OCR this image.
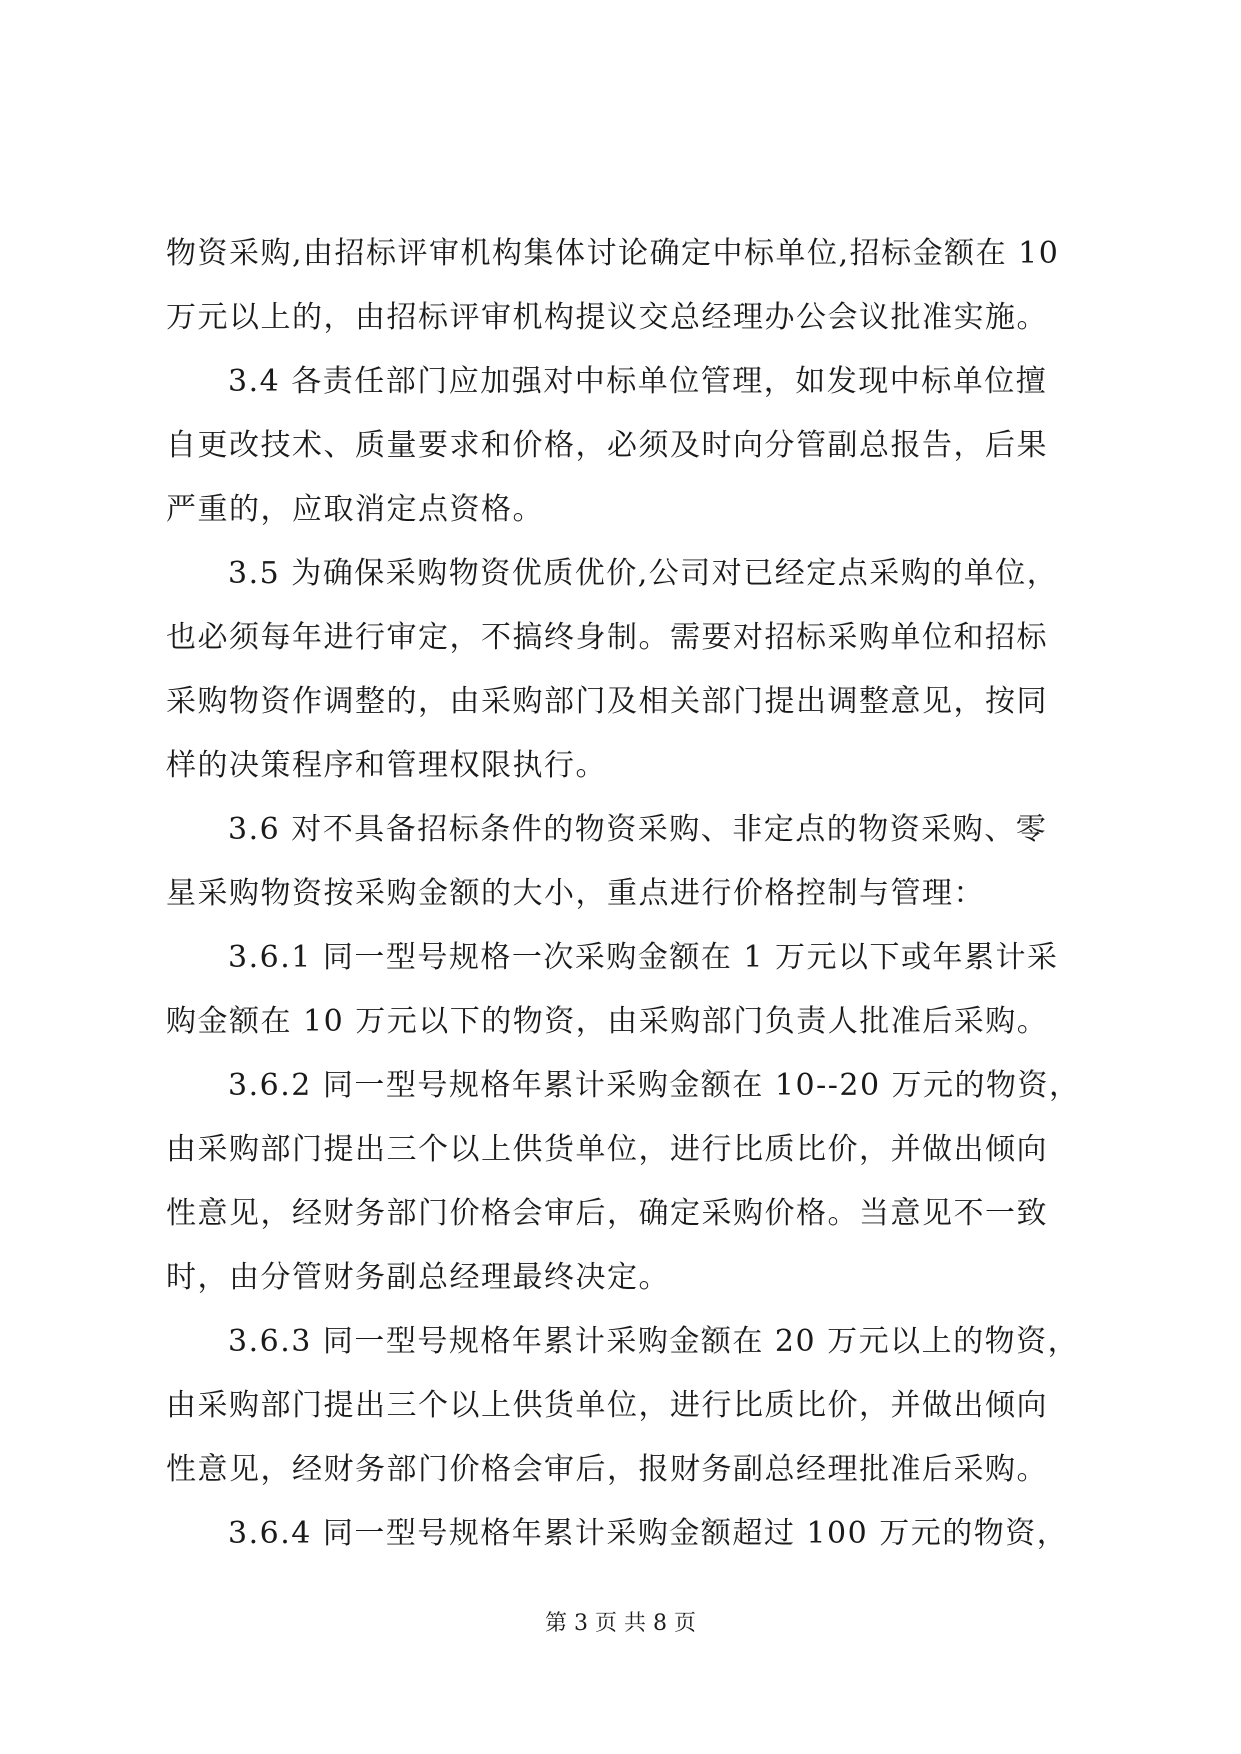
物资采购,由招标评审机构集体讨论确定中标单位,招标金额在 10
万元以上的，由招标评审机构提议交总经理办公会议批准实施。
3.4 各责任部门应加强对中标单位管理，如发现中标单位擅
自更改技术、质量要求和价格，必须及时向分管副总报告，后果
严重的，应取消定点资格。
3.5 为确保采购物资优质优价,公司对已经定点采购的单位，
也必须每年进行审定，不搞终身制。需要对招标采购单位和招标
采购物资作调整的，由采购部门及相关部门提出调整意见，按同
样的决策程序和管理权限执行。
3.6 对不具备招标条件的物资采购、非定点的物资采购、零
星采购物资按采购金额的大小，重点进行价格控制与管理：
3.6.1 同一型号规格一次采购金额在 1 万元以下或年累计采
购金额在 10 万元以下的物资，由采购部门负责人批准后采购。
3.6.2 同一型号规格年累计采购金额在 10--20 万元的物资，
由采购部门提出三个以上供货单位，进行比质比价，并做出倾向
性意见，经财务部门价格会审后，确定采购价格。当意见不一致
时，由分管财务副总经理最终决定。
3.6.3 同一型号规格年累计采购金额在 20 万元以上的物资，
由采购部门提出三个以上供货单位，进行比质比价，并做出倾向
性意见，经财务部门价格会审后，报财务副总经理批准后采购。
3.6.4 同一型号规格年累计采购金额超过 100 万元的物资，
第 3 页 共 8 页
